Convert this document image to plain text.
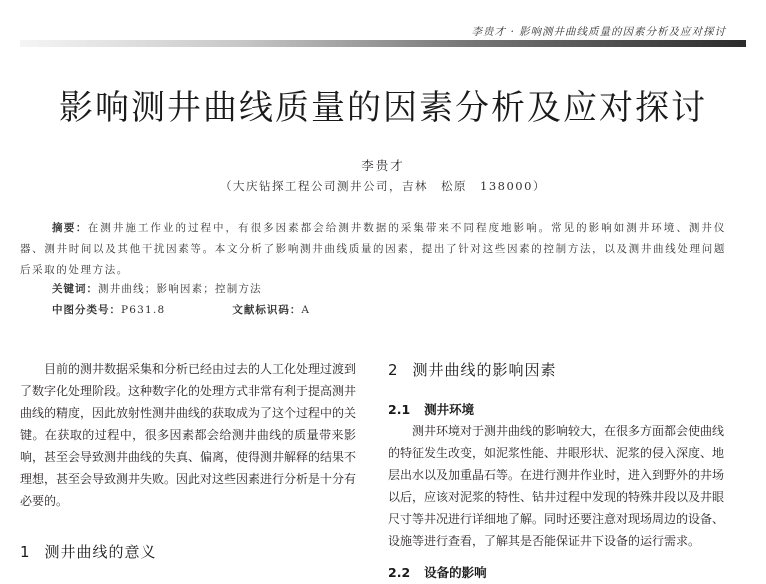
李贵才 · 影响测井曲线质量的因素分析及应对探讨
影响测井曲线质量的因素分析及应对探讨
李贵才
（大庆钻探工程公司测井公司，吉林　松原　138000）
摘要：在测井施工作业的过程中，有很多因素都会给测井数据的采集带来不同程度地影响。常见的影响如测井环境、测井仪器、测井时间以及其他干扰因素等。本文分析了影响测井曲线质量的因素，提出了针对这些因素的控制方法，以及测井曲线处理问题后采取的处理方法。
关键词：测井曲线；影响因素；控制方法
中图分类号：P631.8	文献标识码：A

目前的测井数据采集和分析已经由过去的人工化处理过渡到了数字化处理阶段。这种数字化的处理方式非常有利于提高测井曲线的精度，因此放射性测井曲线的获取成为了这个过程中的关键。在获取的过程中，很多因素都会给测井曲线的质量带来影响，甚至会导致测井曲线的失真、偏离，使得测井解释的结果不理想，甚至会导致测井失败。因此对这些因素进行分析是十分有必要的。

1 测井曲线的意义
2 测井曲线的影响因素
2.1 测井环境

测井环境对于测井曲线的影响较大，在很多方面都会使曲线的特征发生改变，如泥浆性能、井眼形状、泥浆的侵入深度、地层出水以及加重晶石等。在进行测井作业时，进入到野外的井场以后，应该对泥浆的特性、钻井过程中发现的特殊井段以及井眼尺寸等井况进行详细地了解。同时还要注意对现场周边的设备、设施等进行查看，了解其是否能保证井下设备的运行需求。

2.2 设备的影响
